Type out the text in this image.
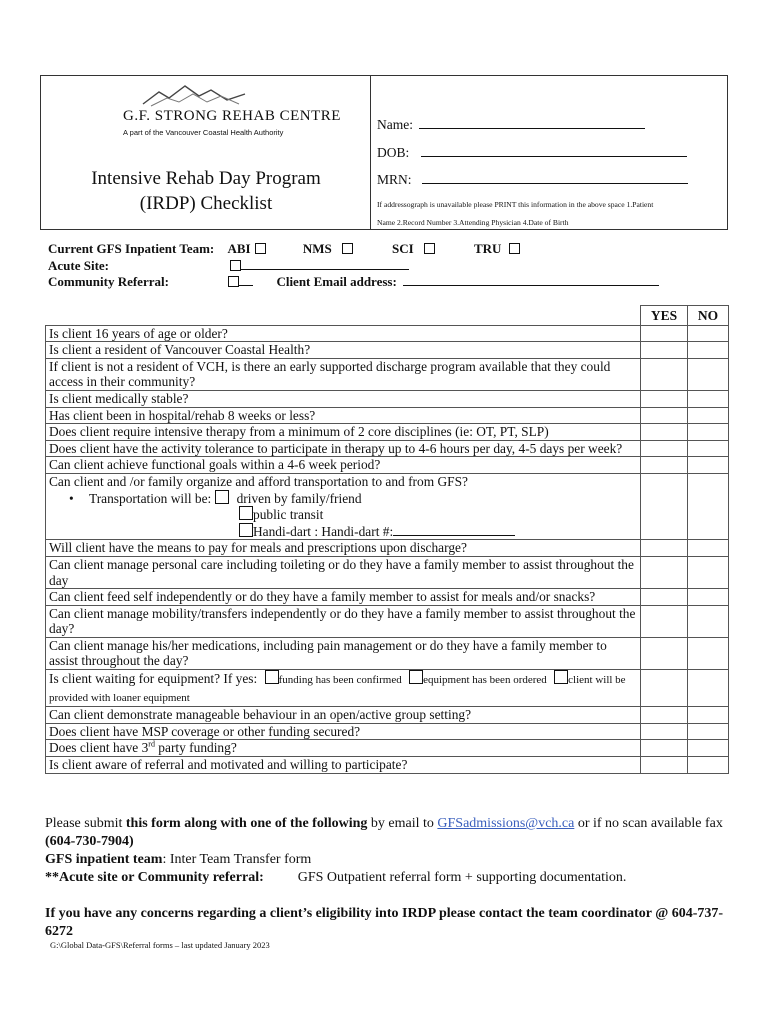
G.F. STRONG REHAB CENTRE
A part of the Vancouver Coastal Health Authority
Intensive Rehab Day Program
(IRDP) Checklist
Name:
DOB:
MRN:
If addressograph is unavailable please PRINT this information in the above space 1.Patient
Name 2.Record Number 3.Attending Physician 4.Date of Birth
Current GFS Inpatient Team: ABI	NMS	SCI	TRU
Acute Site:
Community Referral:	Client Email address:
	YES	NO
Is client 16 years of age or older?		
Is client a resident of Vancouver Coastal Health?		
If client is not a resident of VCH, is there an early supported discharge program available that they could access in their community?		
Is client medically stable?		
Has client been in hospital/rehab 8 weeks or less?		
Does client require intensive therapy from a minimum of 2 core disciplines (ie: OT, PT, SLP)		
Does client have the activity tolerance to participate in therapy up to 4-6 hours per day, 4-5 days per week?		
Can client achieve functional goals within a 4-6 week period?		

Can client and /or family organize and afford transportation to and from GFS?
• Transportation will be: driven by family/friend
public transit
Handi-dart : Handi-dart #:		

Will client have the means to pay for meals and prescriptions upon discharge?		
Can client manage personal care including toileting or do they have a family member to assist throughout the day		
Can client feed self independently or do they have a family member to assist for meals and/or snacks?		
Can client manage mobility/transfers independently or do they have a family member to assist throughout the day?		
Can client manage his/her medications, including pain management or do they have a family member to assist throughout the day?		
Is client waiting for equipment? If yes: funding has been confirmed equipment has been ordered client will be provided with loaner equipment		
Can client demonstrate manageable behaviour in an open/active group setting?		
Does client have MSP coverage or other funding secured?		
Does client have 3rd party funding?		
Is client aware of referral and motivated and willing to participate?		
Please submit this form along with one of the following by email to GFSadmissions@vch.ca or if no scan available fax (604-730-7904)
GFS inpatient team: Inter Team Transfer form
**Acute site or Community referral: GFS Outpatient referral form + supporting documentation.
If you have any concerns regarding a client’s eligibility into IRDP please contact the team coordinator @ 604-737-6272
G:\Global Data-GFS\Referral forms – last updated January 2023
